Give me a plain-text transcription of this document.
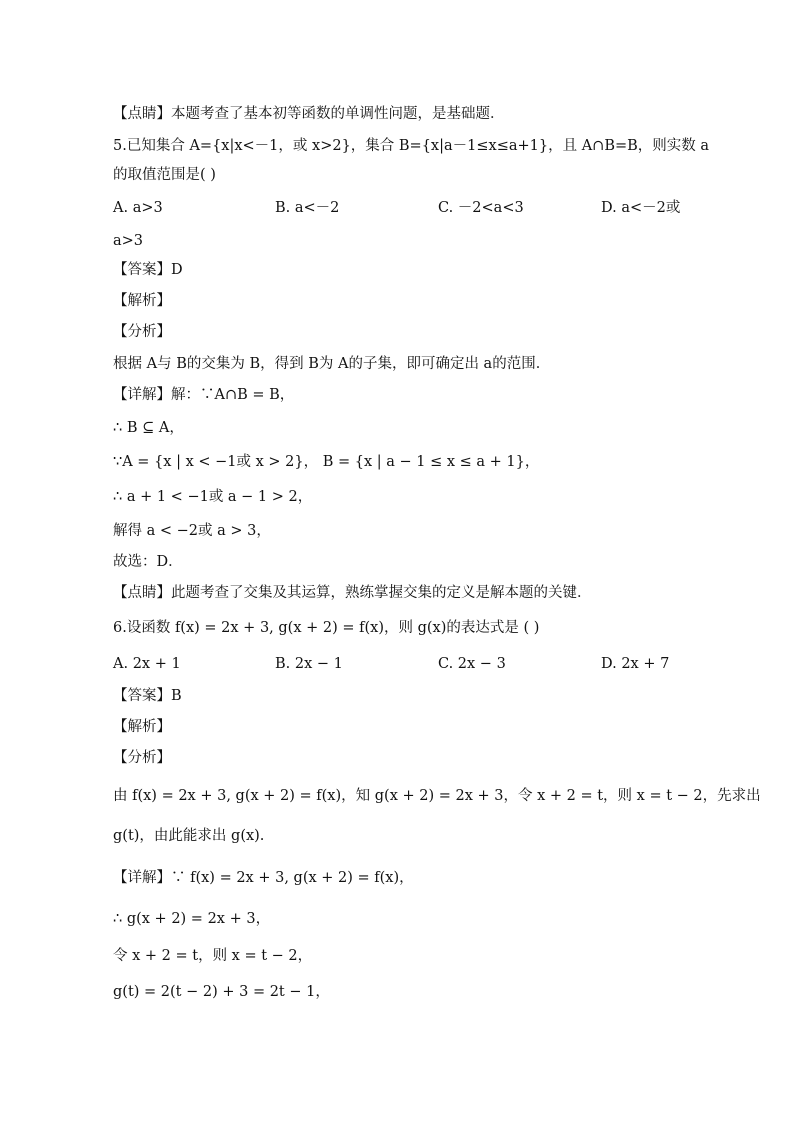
【点睛】本题考查了基本初等函数的单调性问题，是基础题．
5.已知集合 A={x|x<－1，或 x>2}，集合 B={x|a－1≤x≤a+1}，且 A∩B=B，则实数 a
的取值范围是( )
a>3
【答案】D
【解析】
【分析】
根据 A与 B的交集为 B，得到 B为 A的子集，即可确定出 a的范围．
【详解】解：∵A∩B = B，
∴ B ⊆ A，
∵A = {x | x < −1或 x > 2}， B = {x | a − 1 ≤ x ≤ a + 1}，
∴ a + 1 < −1或 a − 1 > 2，
解得 a < −2或 a > 3，
故选：D．
【点睛】此题考查了交集及其运算，熟练掌握交集的定义是解本题的关键．
6.设函数 f(x) = 2x + 3, g(x + 2) = f(x)，则 g(x)的表达式是 ( )
【答案】B
【解析】
【分析】
由 f(x) = 2x + 3, g(x + 2) = f(x)，知 g(x + 2) = 2x + 3，令 x + 2 = t，则 x = t − 2，先求出
g(t)，由此能求出 g(x).
【详解】∵ f(x) = 2x + 3, g(x + 2) = f(x)，
∴ g(x + 2) = 2x + 3，
令 x + 2 = t，则 x = t − 2，
g(t) = 2(t − 2) + 3 = 2t − 1，
A. a>3	B. a<－2	C. －2<a<3	D. a<－2或
A. 2x + 1	B. 2x − 1	C. 2x − 3	D. 2x + 7
